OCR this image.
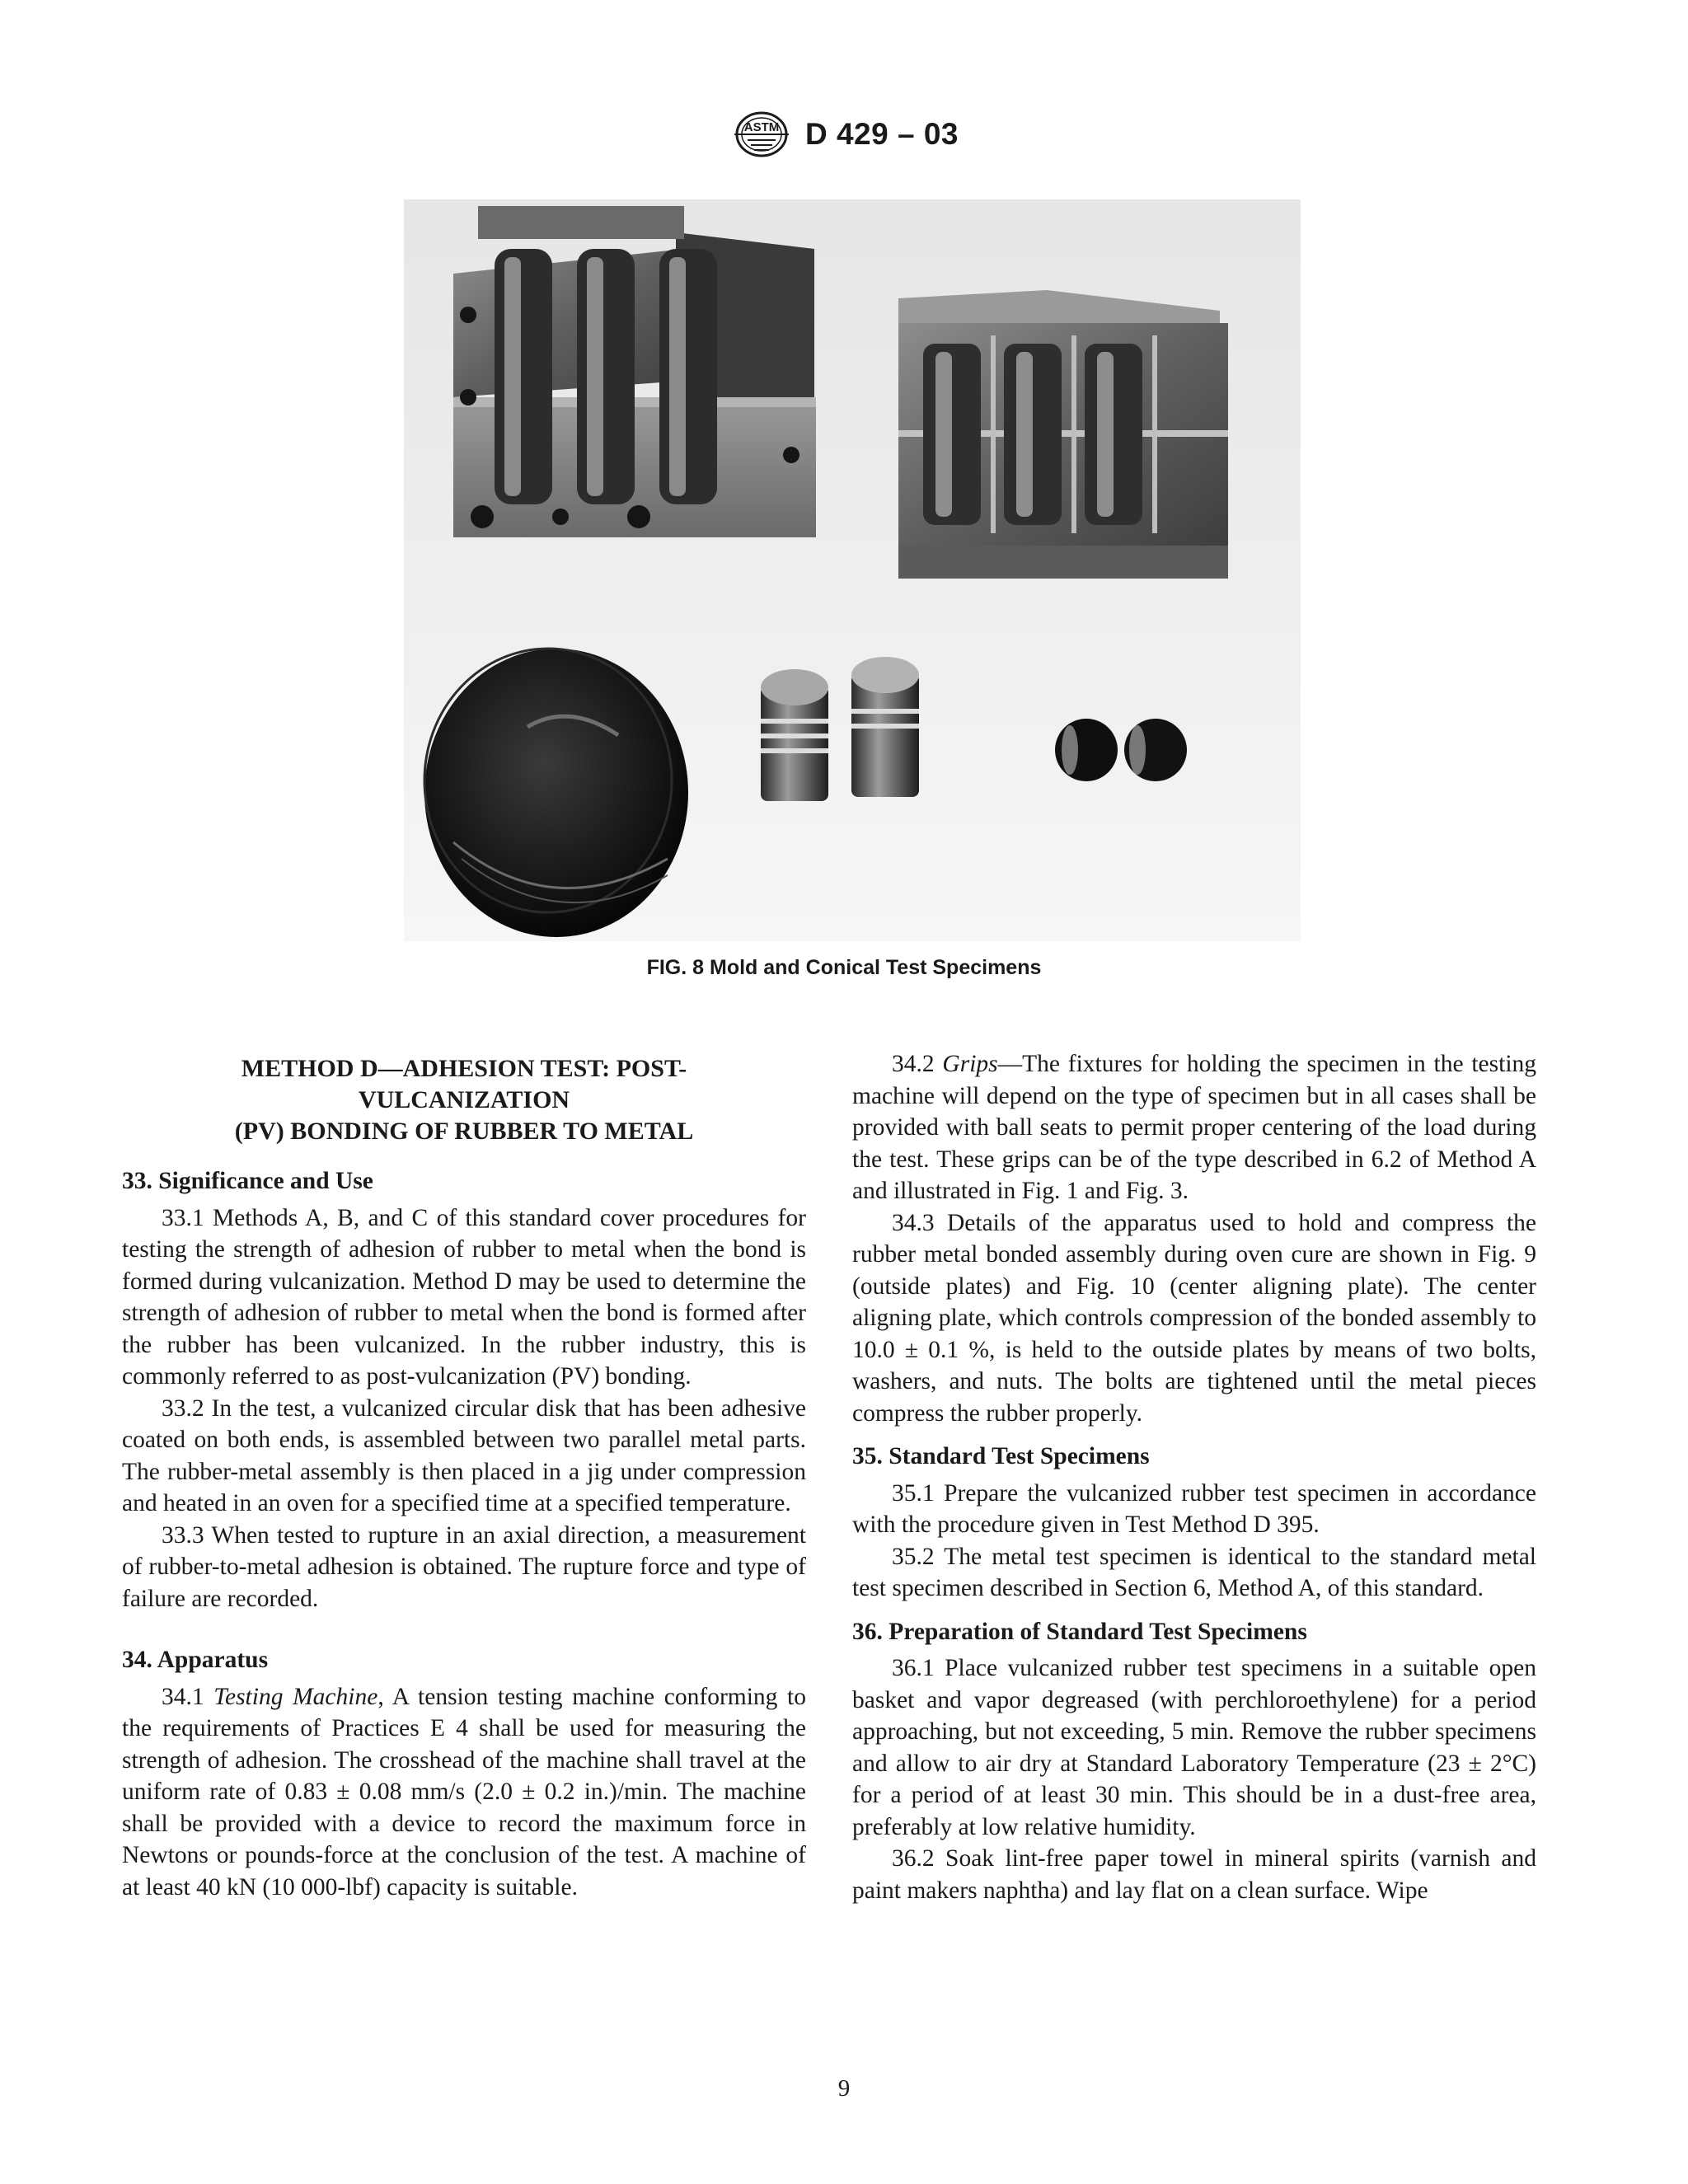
ASTM D 429 – 03
FIG. 8 Mold and Conical Test Specimens
METHOD D—ADHESION TEST: POST-
VULCANIZATION
(PV) BONDING OF RUBBER TO METAL
33. Significance and Use

33.1 Methods A, B, and C of this standard cover procedures for testing the strength of adhesion of rubber to metal when the bond is formed during vulcanization. Method D may be used to determine the strength of adhesion of rubber to metal when the bond is formed after the rubber has been vulcanized. In the rubber industry, this is commonly referred to as post-vulcanization (PV) bonding.

33.2 In the test, a vulcanized circular disk that has been adhesive coated on both ends, is assembled between two parallel metal parts. The rubber-metal assembly is then placed in a jig under compression and heated in an oven for a specified time at a specified temperature.

33.3 When tested to rupture in an axial direction, a measurement of rubber-to-metal adhesion is obtained. The rupture force and type of failure are recorded.

34. Apparatus

34.1 Testing Machine, A tension testing machine conforming to the requirements of Practices E 4 shall be used for measuring the strength of adhesion. The crosshead of the machine shall travel at the uniform rate of 0.83 ± 0.08 mm/s (2.0 ± 0.2 in.)/min. The machine shall be provided with a device to record the maximum force in Newtons or pounds-force at the conclusion of the test. A machine of at least 40 kN (10 000-lbf) capacity is suitable.

34.2 Grips—The fixtures for holding the specimen in the testing machine will depend on the type of specimen but in all cases shall be provided with ball seats to permit proper centering of the load during the test. These grips can be of the type described in 6.2 of Method A and illustrated in Fig. 1 and Fig. 3.

34.3 Details of the apparatus used to hold and compress the rubber metal bonded assembly during oven cure are shown in Fig. 9 (outside plates) and Fig. 10 (center aligning plate). The center aligning plate, which controls compression of the bonded assembly to 10.0 ± 0.1 %, is held to the outside plates by means of two bolts, washers, and nuts. The bolts are tightened until the metal pieces compress the rubber properly.

35. Standard Test Specimens

35.1 Prepare the vulcanized rubber test specimen in accordance with the procedure given in Test Method D 395.

35.2 The metal test specimen is identical to the standard metal test specimen described in Section 6, Method A, of this standard.

36. Preparation of Standard Test Specimens

36.1 Place vulcanized rubber test specimens in a suitable open basket and vapor degreased (with perchloroethylene) for a period approaching, but not exceeding, 5 min. Remove the rubber specimens and allow to air dry at Standard Laboratory Temperature (23 ± 2°C) for a period of at least 30 min. This should be in a dust-free area, preferably at low relative humidity.

36.2 Soak lint-free paper towel in mineral spirits (varnish and paint makers naphtha) and lay flat on a clean surface. Wipe

9
